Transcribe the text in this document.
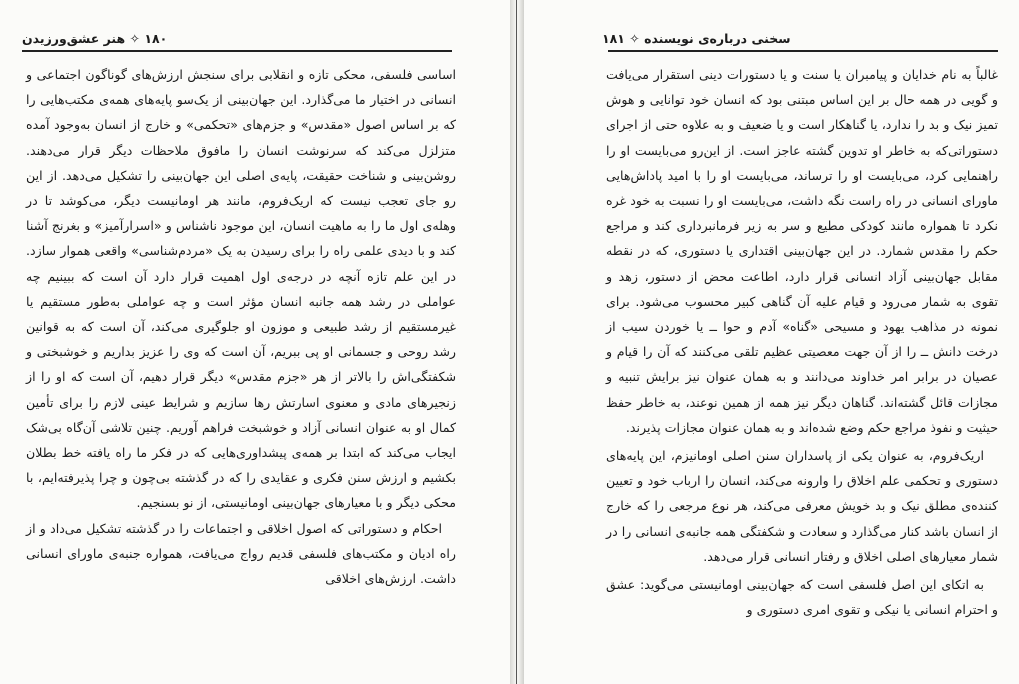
۱۸۰ ✧ هنر عشق‌ورزیدن

اساسی فلسفی، محکی تازه و انقلابی برای سنجش ارزش‌های گوناگون اجتماعی و انسانی در اختیار ما می‌گذارد. این جهان‌بینی از یک‌سو پایه‌های همه‌ی مکتب‌هایی را که بر اساس اصول «مقدس» و جزم‌های «تحکمی» و خارج از انسان به‌وجود آمده متزلزل می‌کند که سرنوشت انسان را مافوق ملاحظات دیگر قرار می‌دهند. روشن‌بینی و شناخت حقیقت، پایه‌ی اصلی این جهان‌بینی را تشکیل می‌دهد. از این رو جای تعجب نیست که اریک‌فروم، مانند هر اومانیست دیگر، می‌کوشد تا در وهله‌ی اول ما را به ماهیت انسان، این موجود ناشناس و «اسرارآمیز» و بغرنج آشنا کند و با دیدی علمی راه را برای رسیدن به یک «مردم‌شناسی» واقعی هموار سازد. در این علم تازه آنچه در درجه‌ی اول اهمیت قرار دارد آن است که ببینیم چه عواملی در رشد همه جانبه انسان مؤثر است و چه عواملی به‌طور مستقیم یا غیرمستقیم از رشد طبیعی و موزون او جلوگیری می‌کند، آن است که به قوانین رشد روحی و جسمانی او پی ببریم، آن است که وی را عزیز بداریم و خوشبختی و شکفتگی‌اش را بالاتر از هر «جزم مقدس» دیگر قرار دهیم، آن است که او را از زنجیرهای مادی و معنوی اسارتش رها سازیم و شرایط عینی لازم را برای تأمین کمال او به عنوان انسانی آزاد و خوشبخت فراهم آوریم. چنین تلاشی آن‌گاه بی‌شک ایجاب می‌کند که ابتدا بر همه‌ی پیشداوری‌هایی که در فکر ما راه یافته خط بطلان بکشیم و ارزش سنن فکری و عقایدی را که در گذشته بی‌چون و چرا پذیرفته‌ایم، با محکی دیگر و با معیارهای جهان‌بینی اومانیستی، از نو بسنجیم.

احکام و دستوراتی که اصول اخلاقی و اجتماعات را در گذشته تشکیل می‌داد و از راه ادیان و مکتب‌های فلسفی قدیم رواج می‌یافت، همواره جنبه‌ی ماورای انسانی داشت. ارزش‌های اخلاقی

سخنی درباره‌ی نویسنده ✧ ۱۸۱

غالباً به نام خدایان و پیامبران یا سنت و یا دستورات دینی استقرار می‌یافت و گویی در همه حال بر این اساس مبتنی بود که انسان خود توانایی و هوش تمیز نیک و بد را ندارد، یا گناهکار است و یا ضعیف و به علاوه حتی از اجرای دستوراتی‌که به خاطر او تدوین گشته عاجز است. از این‌رو می‌بایست او را راهنمایی کرد، می‌بایست او را ترساند، می‌بایست او را با امید پاداش‌هایی ماورای انسانی در راه راست نگه داشت، می‌بایست او را نسبت به خود غره نکرد تا همواره مانند کودکی مطیع و سر به زیر فرمانبرداری کند و مراجع حکم را مقدس شمارد. در این جهان‌بینی اقتداری یا دستوری، که در نقطه مقابل جهان‌بینی آزاد انسانی قرار دارد، اطاعت محض از دستور، زهد و تقوی به شمار می‌رود و قیام علیه آن گناهی کبیر محسوب می‌شود. برای نمونه در مذاهب یهود و مسیحی «گناه» آدم و حوا ــ یا خوردن سیب از درخت دانش ــ را از آن جهت معصیتی عظیم تلقی می‌کنند که آن را قیام و عصیان در برابر امر خداوند می‌دانند و به همان عنوان نیز برایش تنبیه و مجازات قائل گشته‌اند. گناهان دیگر نیز همه از همین نوعند، به خاطر حفظ حیثیت و نفوذ مراجع حکم وضع شده‌اند و به همان عنوان مجازات پذیرند.

اریک‌فروم، به عنوان یکی از پاسداران سنن اصلی اومانیزم، این پایه‌های دستوری و تحکمی علم اخلاق را وارونه می‌کند، انسان را ارباب خود و تعیین کننده‌ی مطلق نیک و بد خویش معرفی می‌کند، هر نوع مرجعی را که خارج از انسان باشد کنار می‌گذارد و سعادت و شکفتگی همه جانبه‌ی انسانی را در شمار معیارهای اصلی اخلاق و رفتار انسانی قرار می‌دهد.

به اتکای این اصل فلسفی است که جهان‌بینی اومانیستی می‌گوید: عشق و احترام انسانی یا نیکی و تقوی امری دستوری و
